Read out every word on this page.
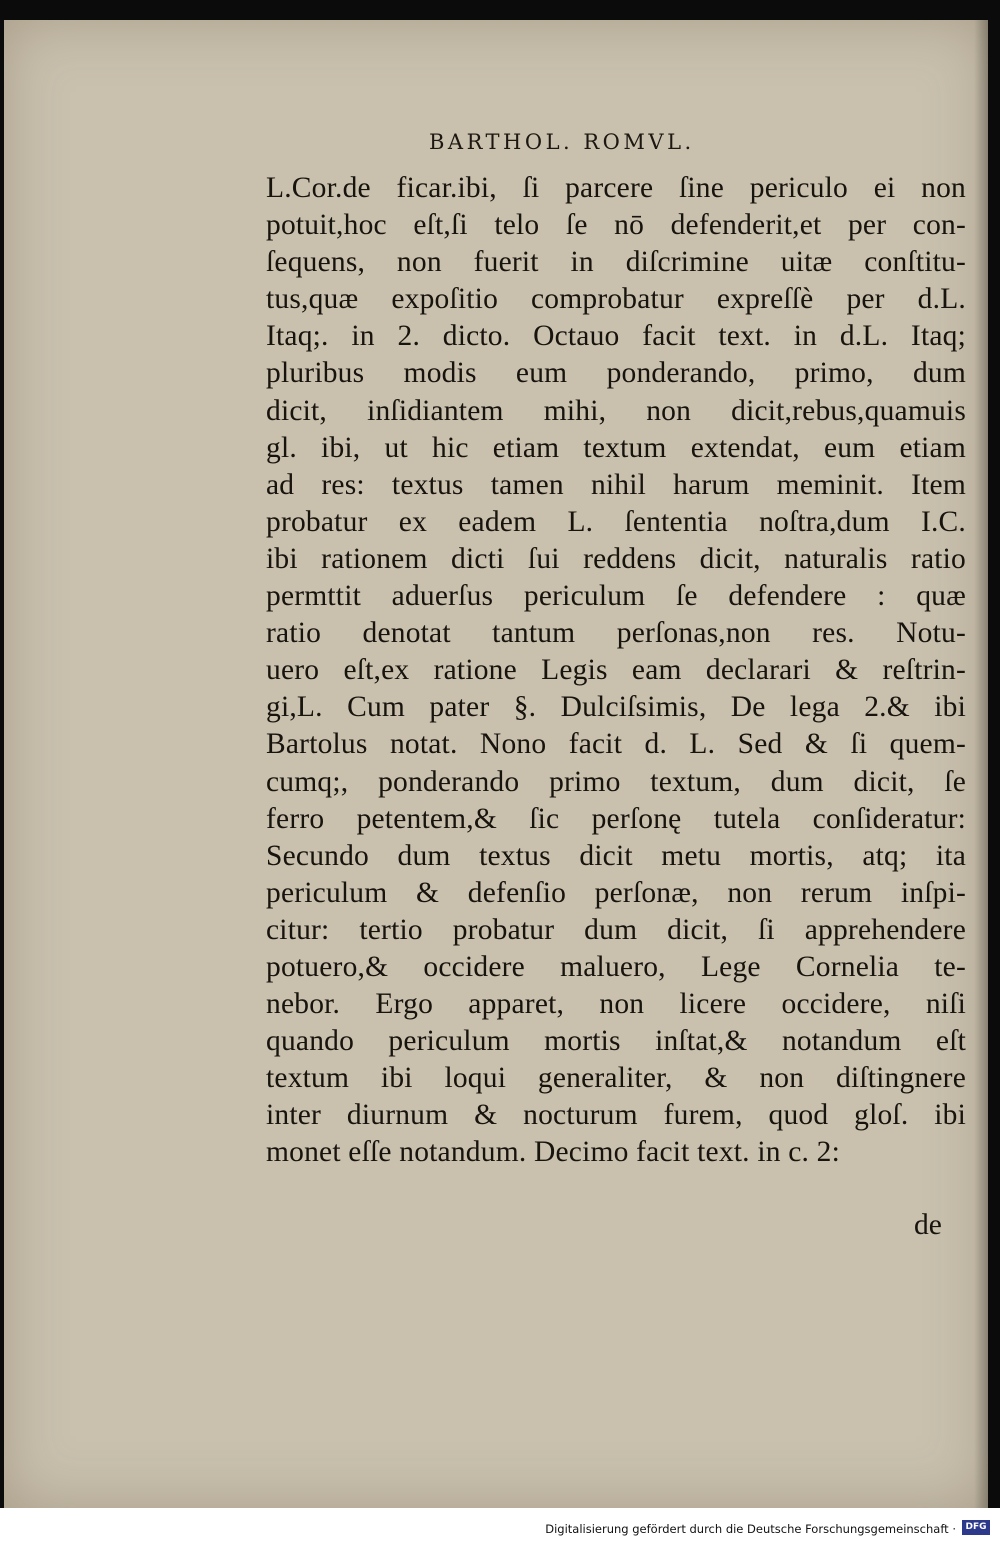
BARTHOL. ROMVL.
L.Cor.de ficar.ibi, ſi parcere ſine periculo ei non
potuit,hoc eſt,ſi telo ſe nō defenderit,et per con-
ſequens, non fuerit in diſcrimine uitæ conſtitu-
tus,quæ expoſitio comprobatur expreſſè per d.L.
Itaq;. in 2. dicto. Octauo facit text. in d.L. Itaq;
pluribus modis eum ponderando, primo, dum
dicit, inſidiantem mihi, non dicit,rebus,quamuis
gl. ibi, ut hic etiam textum extendat, eum etiam
ad res: textus tamen nihil harum meminit. Item
probatur ex eadem L. ſententia noſtra,dum I.C.
ibi rationem dicti ſui reddens dicit, naturalis ratio
permttit aduerſus periculum ſe defendere : quæ
ratio denotat tantum perſonas,non res. Notu-
uero eſt,ex ratione Legis eam declarari & reſtrin-
gi,L. Cum pater §. Dulciſsimis, De lega 2.& ibi
Bartolus notat. Nono facit d. L. Sed & ſi quem-
cumq;, ponderando primo textum, dum dicit, ſe
ferro petentem,& ſic perſonę tutela conſideratur:
Secundo dum textus dicit metu mortis, atq; ita
periculum & defenſio perſonæ, non rerum inſpi-
citur: tertio probatur dum dicit, ſi apprehendere
potuero,& occidere maluero, Lege Cornelia te-
nebor. Ergo apparet, non licere occidere, niſi
quando periculum mortis inſtat,& notandum eſt
textum ibi loqui generaliter, & non diſtingnere
inter diurnum & nocturum furem, quod gloſ. ibi
monet eſſe notandum. Decimo facit text. in c. 2:
de
Digitalisierung gefördert durch die Deutsche Forschungsgemeinschaft ·	DFG
